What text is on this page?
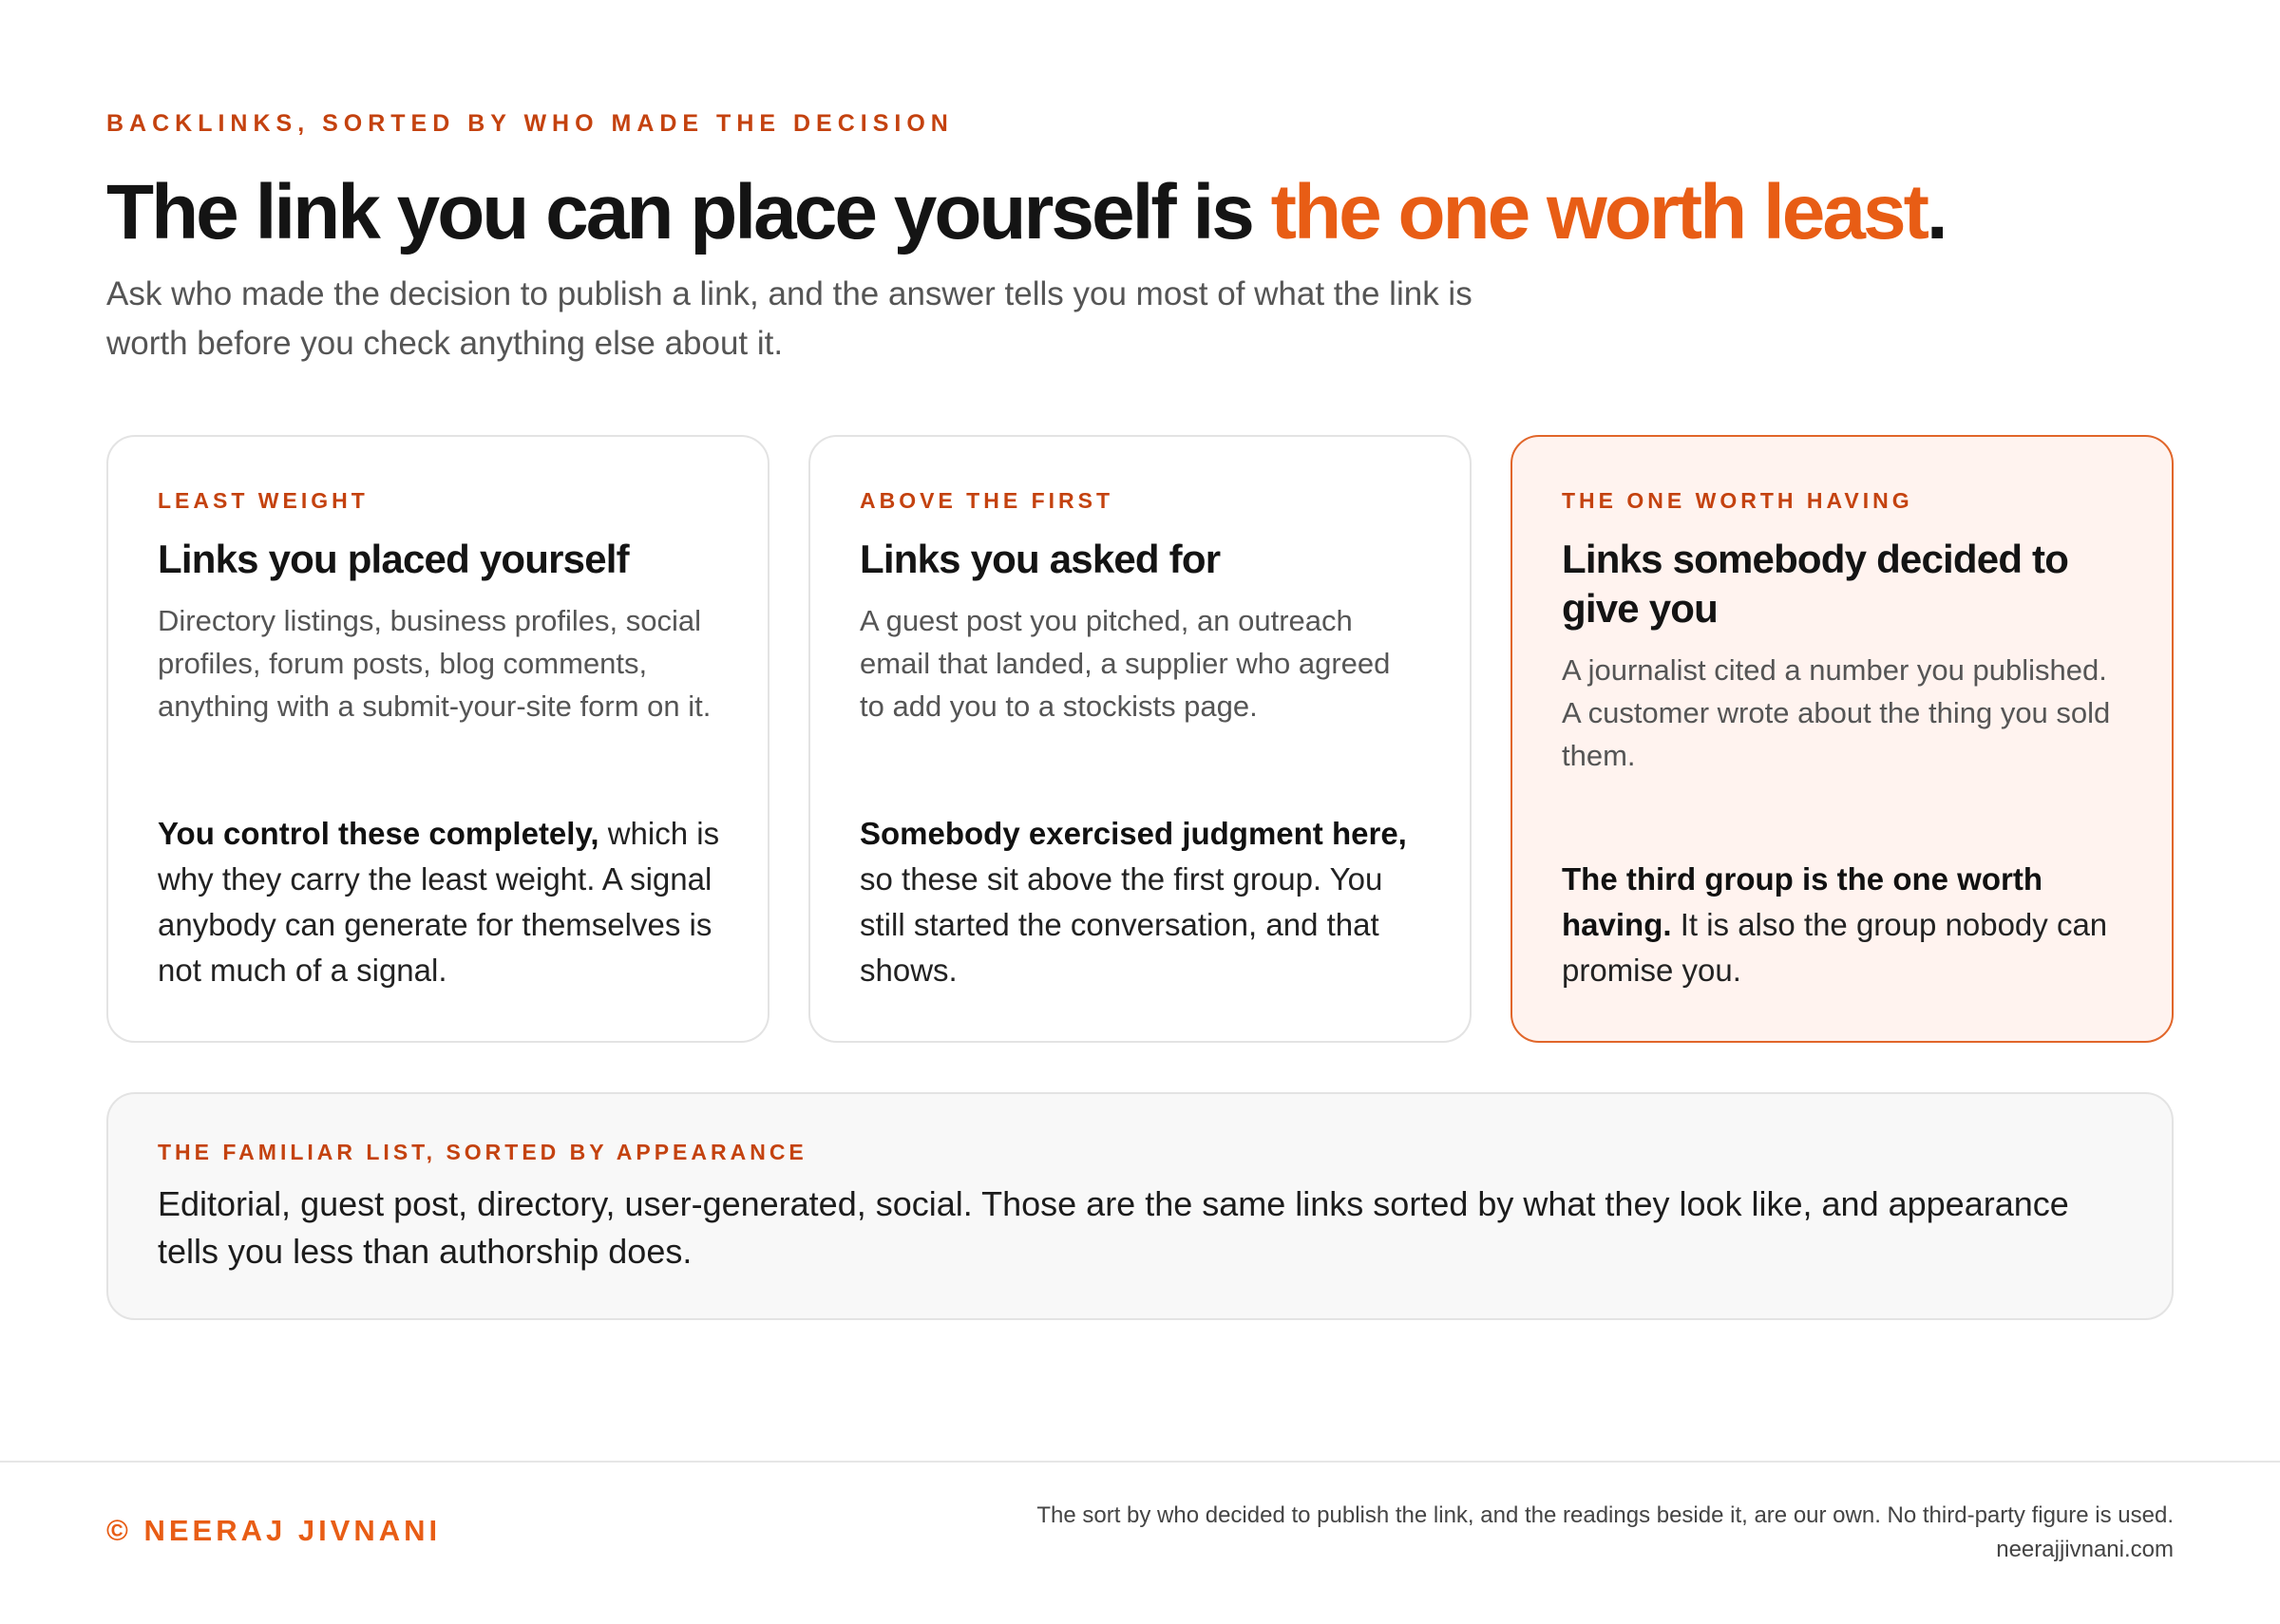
BACKLINKS, SORTED BY WHO MADE THE DECISION
The link you can place yourself is the one worth least.

Ask who made the decision to publish a link, and the answer tells you most of what the link is worth before you check anything else about it.

LEAST WEIGHT
Links you placed yourself

Directory listings, business profiles, social profiles, forum posts, blog comments, anything with a submit-your-site form on it.

You control these completely, which is why they carry the least weight. A signal anybody can generate for themselves is not much of a signal.

ABOVE THE FIRST
Links you asked for

A guest post you pitched, an outreach email that landed, a supplier who agreed to add you to a stockists page.

Somebody exercised judgment here, so these sit above the first group. You still started the conversation, and that shows.

THE ONE WORTH HAVING
Links somebody decided to give you

A journalist cited a number you published. A customer wrote about the thing you sold them.

The third group is the one worth having. It is also the group nobody can promise you.

THE FAMILIAR LIST, SORTED BY APPEARANCE

Editorial, guest post, directory, user-generated, social. Those are the same links sorted by what they look like, and appearance tells you less than authorship does.

© NEERAJ JIVNANI	The sort by who decided to publish the link, and the readings beside it, are our own. No third-party figure is used.
neerajjivnani.com
